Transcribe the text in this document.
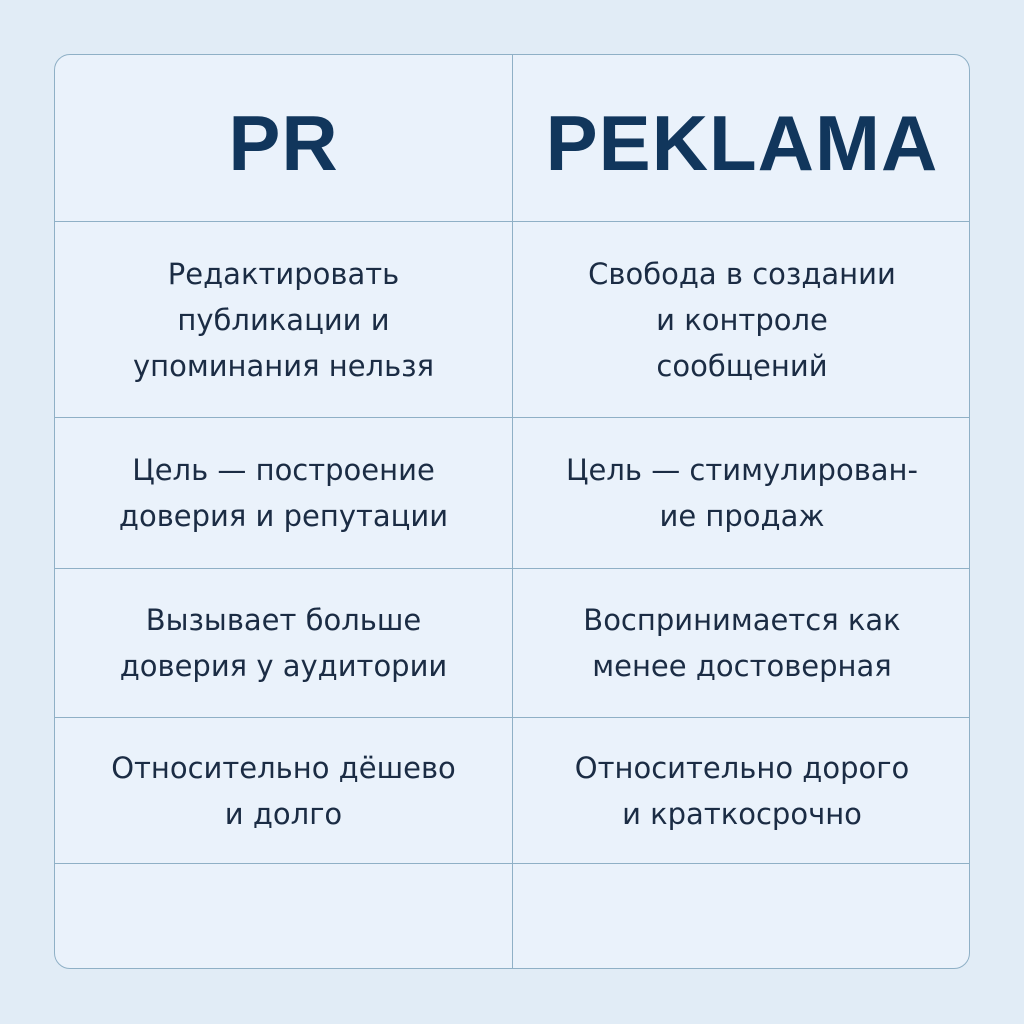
PR	PEKLAMA
Редактировать
публикации и
упоминания нельзя
Свобода в создании
и контроле
сообщений
Цель — построение
доверия и репутации
Цель — стимулирован-
ие продаж
Вызывает больше
доверия у аудитории
Воспринимается как
менее достоверная
Относительно дёшево
и долго
Относительно дорого
и краткосрочно
